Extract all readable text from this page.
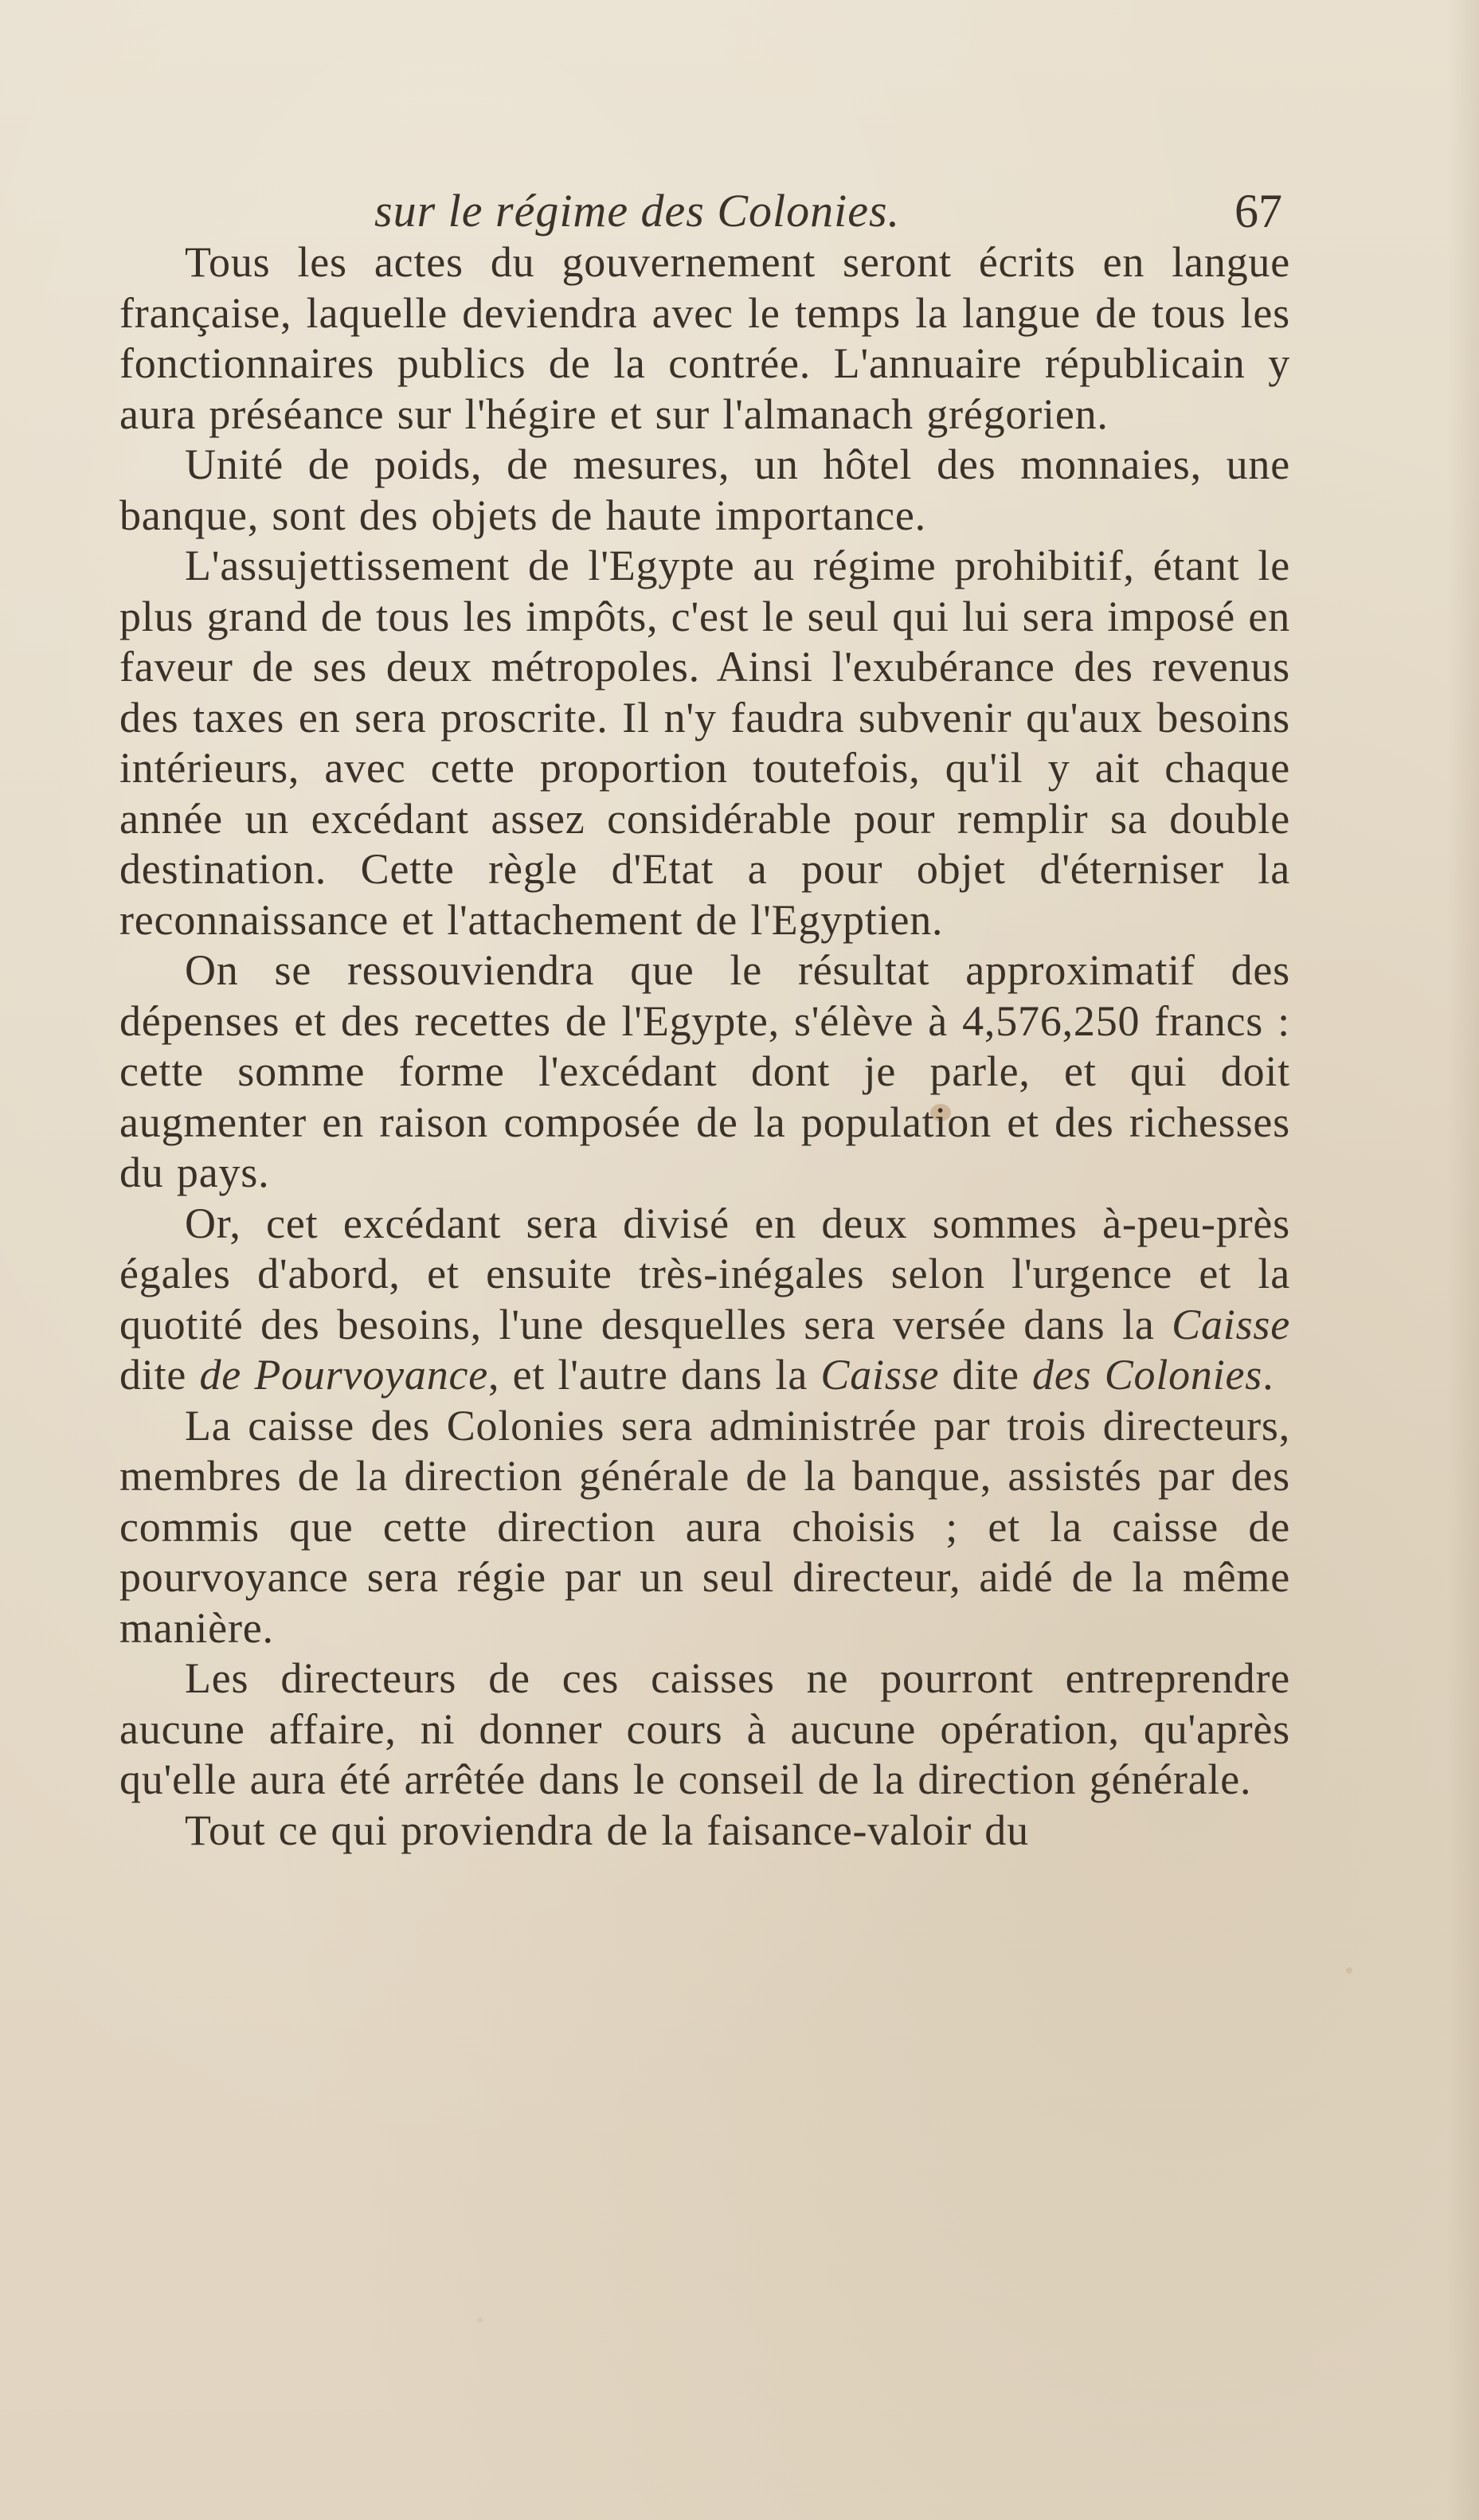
sur le régime des Colonies.	67

Tous les actes du gouvernement seront écrits en langue française, laquelle deviendra avec le temps la langue de tous les fonctionnaires publics de la contrée. L'annuaire républicain y aura préséance sur l'hégire et sur l'almanach grégorien.

Unité de poids, de mesures, un hôtel des monnaies, une banque, sont des objets de haute importance.

L'assujettissement de l'Egypte au régime prohibitif, étant le plus grand de tous les impôts, c'est le seul qui lui sera imposé en faveur de ses deux métropoles. Ainsi l'exubérance des revenus des taxes en sera proscrite. Il n'y faudra subvenir qu'aux besoins intérieurs, avec cette proportion toutefois, qu'il y ait chaque année un excédant assez considérable pour remplir sa double destination. Cette règle d'Etat a pour objet d'éterniser la reconnaissance et l'attachement de l'Egyptien.

On se ressouviendra que le résultat approximatif des dépenses et des recettes de l'Egypte, s'élève à 4,576,250 francs : cette somme forme l'excédant dont je parle, et qui doit augmenter en raison composée de la population et des richesses du pays.

Or, cet excédant sera divisé en deux sommes à-peu-près égales d'abord, et ensuite très-inégales selon l'urgence et la quotité des besoins, l'une desquelles sera versée dans la Caisse dite de Pourvoyance, et l'autre dans la Caisse dite des Colonies.

La caisse des Colonies sera administrée par trois directeurs, membres de la direction générale de la banque, assistés par des commis que cette direction aura choisis ; et la caisse de pourvoyance sera régie par un seul directeur, aidé de la même manière.

Les directeurs de ces caisses ne pourront entreprendre aucune affaire, ni donner cours à aucune opération, qu'après qu'elle aura été arrêtée dans le conseil de la direction générale.

Tout ce qui proviendra de la faisance-valoir du
